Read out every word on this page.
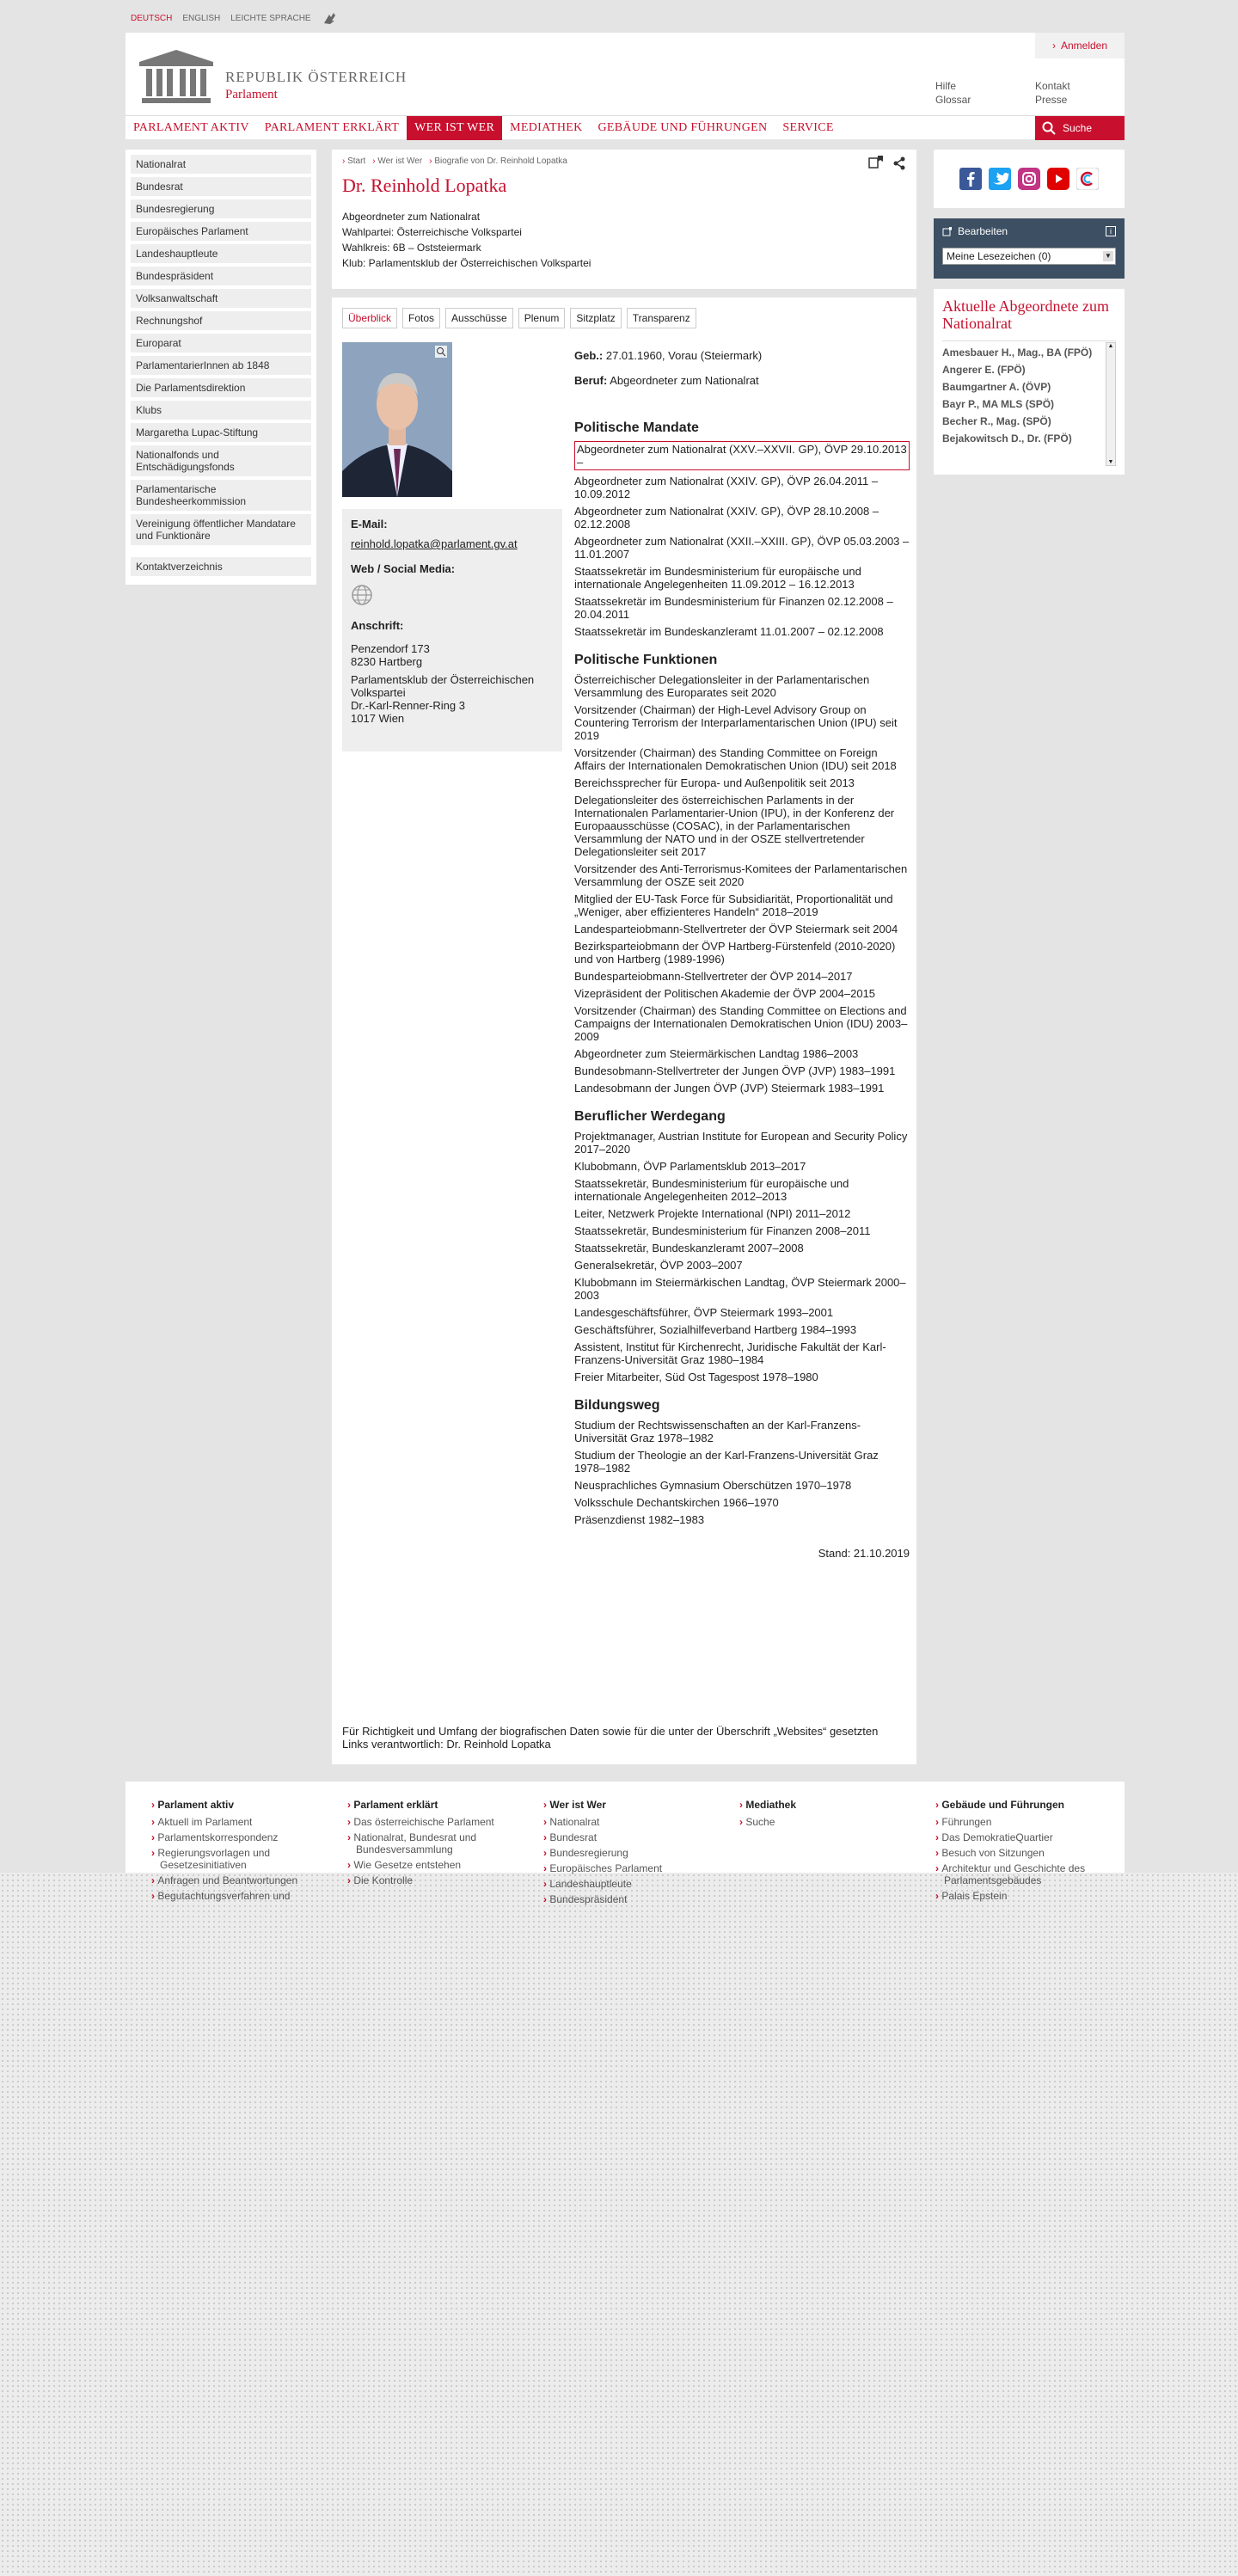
DEUTSCH ENGLISH LEICHTE SPRACHE
REPUBLIK ÖSTERREICH
Parlament
› Anmelden
Hilfe
Glossar
Kontakt
Presse
PARLAMENT AKTIV	PARLAMENT ERKLÄRT	WER IST WER	MEDIATHEK	GEBÄUDE UND FÜHRUNGEN	SERVICE	Suche
Nationalrat
Bundesrat
Bundesregierung
Europäisches Parlament
Landeshauptleute
Bundespräsident
Volksanwaltschaft
Rechnungshof
Europarat
ParlamentarierInnen ab 1848
Die Parlamentsdirektion
Klubs
Margaretha Lupac-Stiftung
Nationalfonds und Entschädigungsfonds
Parlamentarische Bundesheerkommission
Vereinigung öffentlicher Mandatare und Funktionäre
Kontaktverzeichnis
› Start	› Wer ist Wer	› Biografie von Dr. Reinhold Lopatka
Dr. Reinhold Lopatka
Abgeordneter zum Nationalrat
Wahlpartei: Österreichische Volkspartei
Wahlkreis: 6B – Oststeiermark
Klub: Parlamentsklub der Österreichischen Volkspartei
Überblick	Fotos	Ausschüsse	Plenum	Sitzplatz	Transparenz
E-Mail:
reinhold.lopatka@parlament.gv.at
Web / Social Media:
Anschrift:
Penzendorf 173
8230 Hartberg
Parlamentsklub der Österreichischen Volkspartei
Dr.-Karl-Renner-Ring 3
1017 Wien
Geb.: 27.01.1960, Vorau (Steiermark)
Beruf: Abgeordneter zum Nationalrat
Politische Mandate
Abgeordneter zum Nationalrat (XXV.–XXVII. GP), ÖVP 29.10.2013 –
Abgeordneter zum Nationalrat (XXIV. GP), ÖVP 26.04.2011 – 10.09.2012
Abgeordneter zum Nationalrat (XXIV. GP), ÖVP 28.10.2008 – 02.12.2008
Abgeordneter zum Nationalrat (XXII.–XXIII. GP), ÖVP 05.03.2003 – 11.01.2007
Staatssekretär im Bundesministerium für europäische und internationale Angelegenheiten 11.09.2012 – 16.12.2013
Staatssekretär im Bundesministerium für Finanzen 02.12.2008 – 20.04.2011
Staatssekretär im Bundeskanzleramt 11.01.2007 – 02.12.2008
Politische Funktionen
Österreichischer Delegationsleiter in der Parlamentarischen Versammlung des Europarates seit 2020
Vorsitzender (Chairman) der High-Level Advisory Group on Countering Terrorism der Interparlamentarischen Union (IPU) seit 2019
Vorsitzender (Chairman) des Standing Committee on Foreign Affairs der Internationalen Demokratischen Union (IDU) seit 2018
Bereichssprecher für Europa- und Außenpolitik seit 2013
Delegationsleiter des österreichischen Parlaments in der Internationalen Parlamentarier-Union (IPU), in der Konferenz der Europaausschüsse (COSAC), in der Parlamentarischen Versammlung der NATO und in der OSZE stellvertretender Delegationsleiter seit 2017
Vorsitzender des Anti-Terrorismus-Komitees der Parlamentarischen Versammlung der OSZE seit 2020
Mitglied der EU-Task Force für Subsidiarität, Proportionalität und „Weniger, aber effizienteres Handeln“ 2018–2019
Landesparteiobmann-Stellvertreter der ÖVP Steiermark seit 2004
Bezirksparteiobmann der ÖVP Hartberg-Fürstenfeld (2010-2020) und von Hartberg (1989-1996)
Bundesparteiobmann-Stellvertreter der ÖVP 2014–2017
Vizepräsident der Politischen Akademie der ÖVP 2004–2015
Vorsitzender (Chairman) des Standing Committee on Elections and Campaigns der Internationalen Demokratischen Union (IDU) 2003–2009
Abgeordneter zum Steiermärkischen Landtag 1986–2003
Bundesobmann-Stellvertreter der Jungen ÖVP (JVP) 1983–1991
Landesobmann der Jungen ÖVP (JVP) Steiermark 1983–1991
Beruflicher Werdegang
Projektmanager, Austrian Institute for European and Security Policy 2017–2020
Klubobmann, ÖVP Parlamentsklub 2013–2017
Staatssekretär, Bundesministerium für europäische und internationale Angelegenheiten 2012–2013
Leiter, Netzwerk Projekte International (NPI) 2011–2012
Staatssekretär, Bundesministerium für Finanzen 2008–2011
Staatssekretär, Bundeskanzleramt 2007–2008
Generalsekretär, ÖVP 2003–2007
Klubobmann im Steiermärkischen Landtag, ÖVP Steiermark 2000–2003
Landesgeschäftsführer, ÖVP Steiermark 1993–2001
Geschäftsführer, Sozialhilfeverband Hartberg 1984–1993
Assistent, Institut für Kirchenrecht, Juridische Fakultät der Karl-Franzens-Universität Graz 1980–1984
Freier Mitarbeiter, Süd Ost Tagespost 1978–1980
Bildungsweg
Studium der Rechtswissenschaften an der Karl-Franzens-Universität Graz 1978–1982
Studium der Theologie an der Karl-Franzens-Universität Graz 1978–1982
Neusprachliches Gymnasium Oberschützen 1970–1978
Volksschule Dechantskirchen 1966–1970
Präsenzdienst 1982–1983
Stand: 21.10.2019
Für Richtigkeit und Umfang der biografischen Daten sowie für die unter der Überschrift „Websites“ gesetzten Links verantwortlich: Dr. Reinhold Lopatka
Bearbeiten	i
Meine Lesezeichen (0)	▼
Aktuelle Abgeordnete zum Nationalrat
Amesbauer H., Mag., BA (FPÖ)
Angerer E. (FPÖ)
Baumgartner A. (ÖVP)
Bayr P., MA MLS (SPÖ)
Becher R., Mag. (SPÖ)
Bejakowitsch D., Dr. (FPÖ)
▲
▼
› Parlament aktiv
› Aktuell im Parlament
› Parlamentskorrespondenz
› Regierungsvorlagen und Gesetzesinitiativen
› Anfragen und Beantwortungen
› Begutachtungsverfahren und
› Parlament erklärt
› Das österreichische Parlament
› Nationalrat, Bundesrat und Bundesversammlung
› Wie Gesetze entstehen
› Die Kontrolle
› Wer ist Wer
› Nationalrat
› Bundesrat
› Bundesregierung
› Europäisches Parlament
› Landeshauptleute
› Bundespräsident
› Mediathek
› Suche
› Gebäude und Führungen
› Führungen
› Das DemokratieQuartier
› Besuch von Sitzungen
› Architektur und Geschichte des Parlamentsgebäudes
› Palais Epstein
